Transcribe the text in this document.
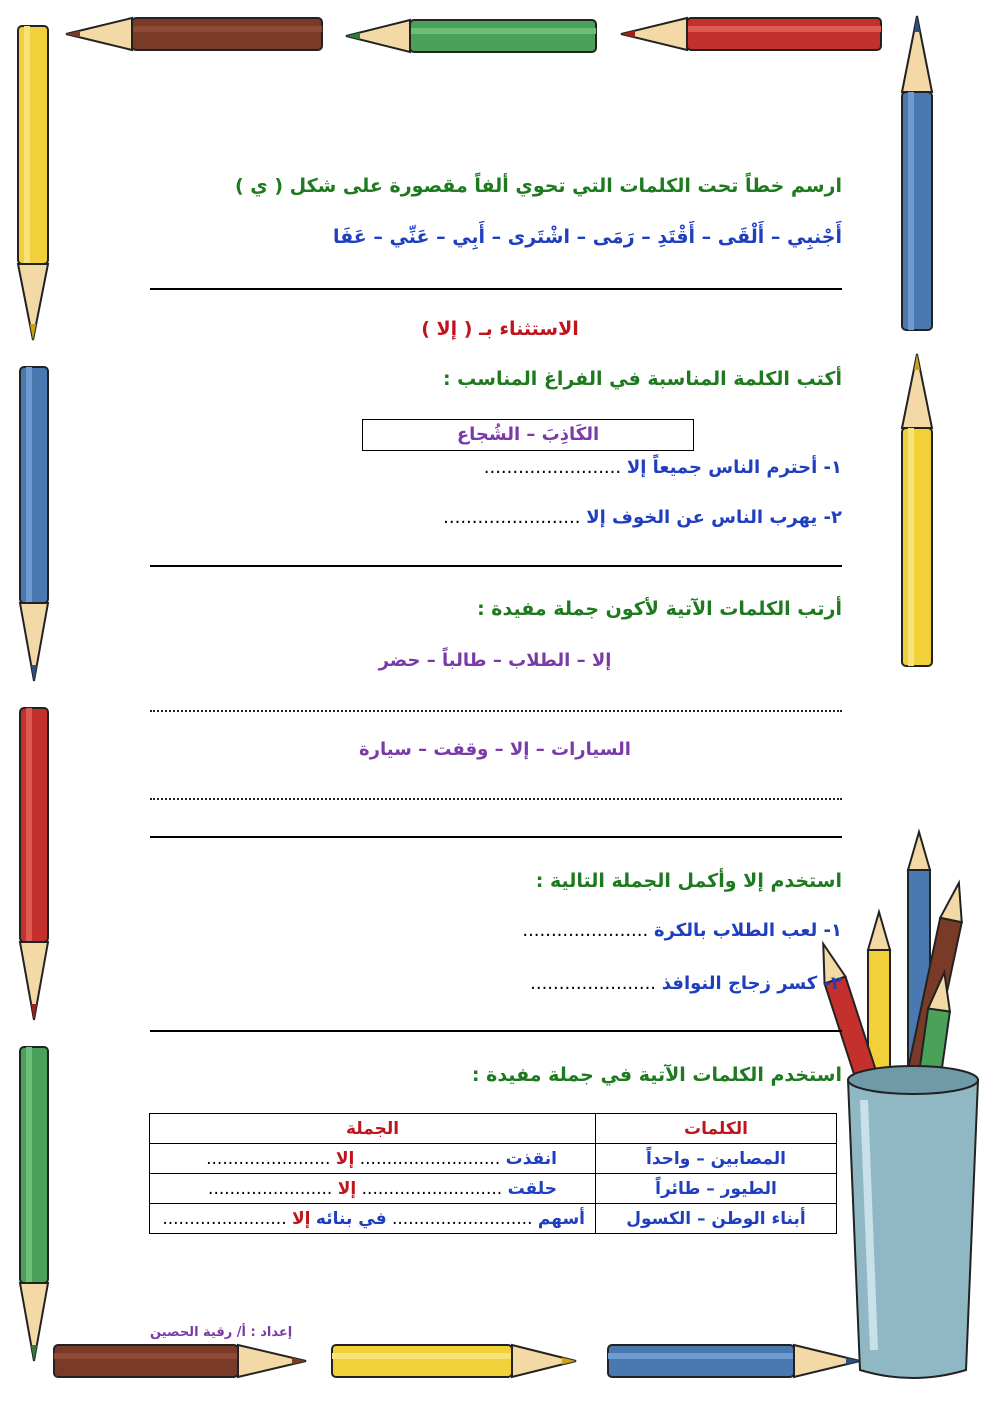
ارسم خطاً تحت الكلمات التي تحوي ألفاً مقصورة على شكل ( ي )
أَجْنبِي – أَلْقَى – أَقْتَدِ – رَمَى – اشْتَرى – أَبِي – عَنِّي – عَفَا
الاستثناء بـ ( إلا )
أكتب الكلمة المناسبة في الفراغ المناسب :
الكَاذِبَ – الشُجاع
١- أحترم الناس جميعاً إلا ........................
٢- يهرب الناس عن الخوف إلا ........................
أرتب الكلمات الآتية لأكون جملة مفيدة :
إلا – الطلاب – طالباً – حضر
السيارات – إلا – وقفت – سيارة
استخدم إلا وأكمل الجملة التالية :
١- لعب الطلاب بالكرة ......................
٢- كسر زجاج النوافذ ......................
استخدم الكلمات الآتية في جملة مفيدة :
الكلمات	الجملة
المصابين – واحداً	انقذت .......................... إلا .......................
الطيور – طائراً	حلقت .......................... إلا .......................
أبناء الوطن – الكسول	أسهم .......................... في بنائه إلا .......................
إعداد : أ/ رقية الحصين
